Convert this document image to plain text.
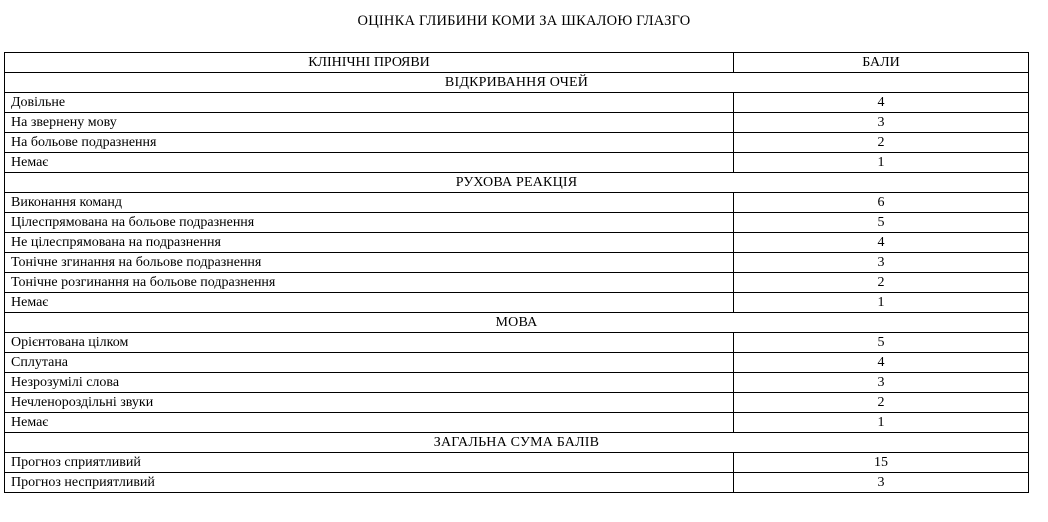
ОЦІНКА ГЛИБИНИ КОМИ ЗА ШКАЛОЮ ГЛАЗГО
КЛІНІЧНІ ПРОЯВИ	БАЛИ
ВІДКРИВАННЯ ОЧЕЙ	
Довільне	4
На звернену мову	3
На больове подразнення	2
Немає	1
РУХОВА РЕАКЦІЯ	
Виконання команд	6
Цілеспрямована на больове подразнення	5
Не цілеспрямована на подразнення	4
Тонічне згинання на больове подразнення	3
Тонічне розгинання на больове подразнення	2
Немає	1
МОВА	
Орієнтована цілком	5
Сплутана	4
Незрозумілі слова	3
Нечленороздільні звуки	2
Немає	1
ЗАГАЛЬНА СУМА БАЛІВ	
Прогноз сприятливий	15
Прогноз несприятливий	3
